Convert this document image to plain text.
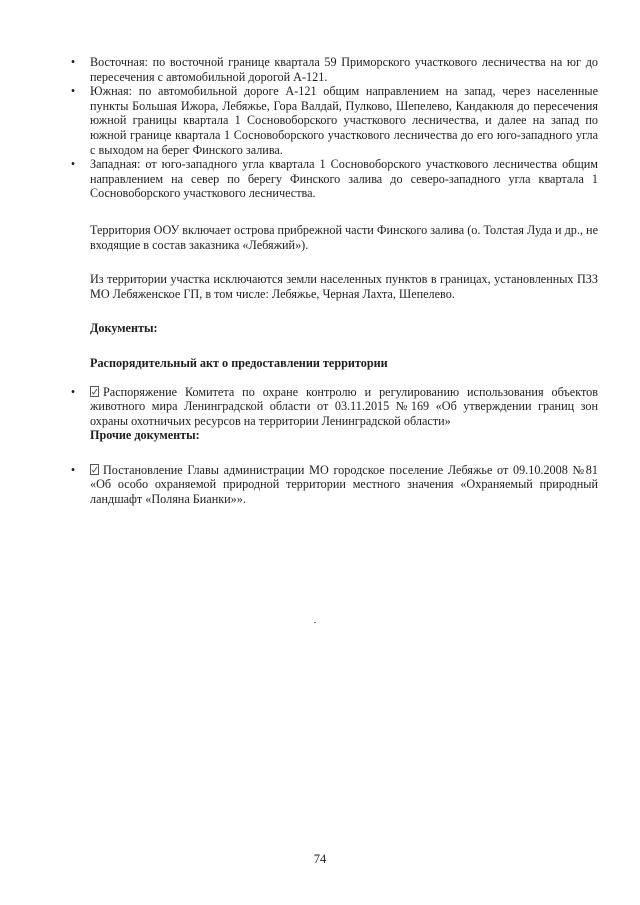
• Восточная: по восточной границе квартала 59 Приморского участкового лесничества на юг до пересечения с автомобильной дорогой А-121.
• Южная: по автомобильной дороге А-121 общим направлением на запад, через населенные пункты Большая Ижора, Лебяжье, Гора Валдай, Пулково, Шепелево, Кандакюля до пересечения южной границы квартала 1 Сосновоборского участкового лесничества, и далее на запад по южной границе квартала 1 Сосновоборского участкового лесничества до его юго-западного угла с выходом на берег Финского залива.
• Западная: от юго-западного угла квартала 1 Сосновоборского участкового лесничества общим направлением на север по берегу Финского залива до северо-западного угла квартала 1 Сосновоборского участкового лесничества.

Территория ООУ включает острова прибрежной части Финского залива (о. Толстая Луда и др., не входящие в состав заказника «Лебяжий»).

Из территории участка исключаются земли населенных пунктов в границах, установленных ПЗЗ МО Лебяженское ГП, в том числе: Лебяжье, Черная Лахта, Шепелево.

Документы:

Распорядительный акт о предоставлении территории

• Распоряжение Комитета по охране контролю и регулированию использования объектов животного мира Ленинградской области от 03.11.2015 №169 «Об утверждении границ зон охраны охотничьих ресурсов на территории Ленинградской области»

Прочие документы:

• Постановление Главы администрации МО городское поселение Лебяжье от 09.10.2008 №81 «Об особо охраняемой природной территории местного значения «Охраняемый природный ландшафт «Поляна Бианки»».
74
